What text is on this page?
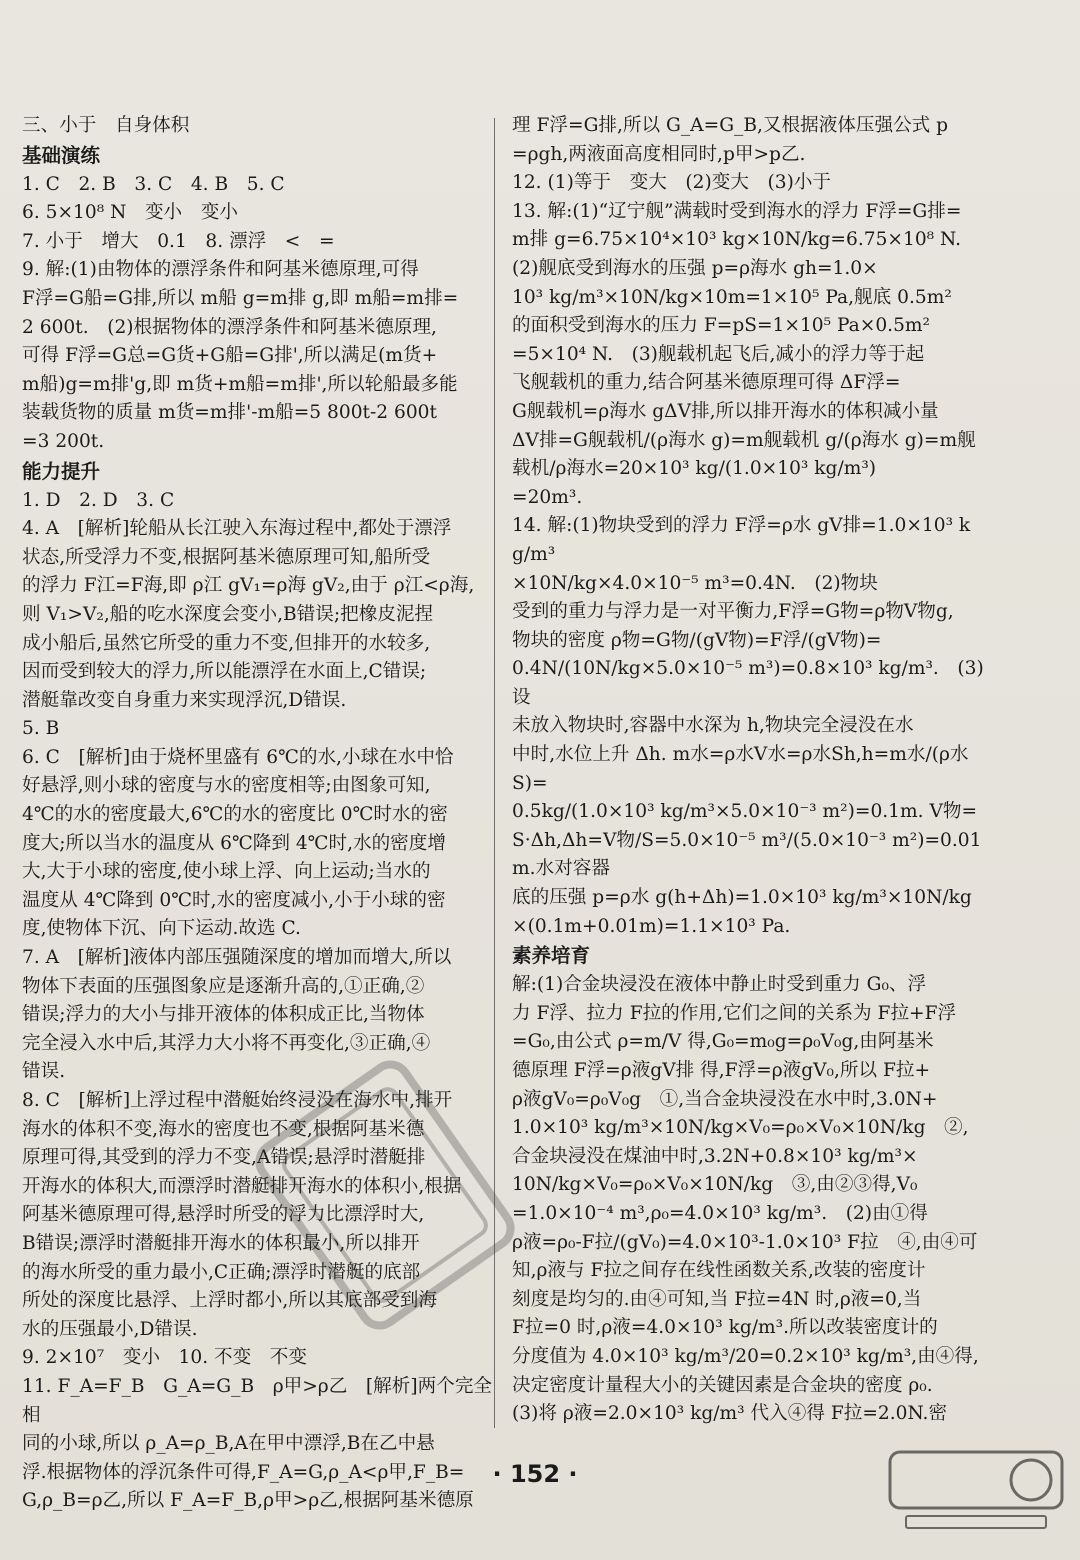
三、小于　自身体积
基础演练
1. C　2. B　3. C　4. B　5. C
6. 5×10⁸ N　变小　变小
7. 小于　增大　0.1　8. 漂浮　<　=
9. 解:(1)由物体的漂浮条件和阿基米德原理,可得
F浮=G船=G排,所以 m船 g=m排 g,即 m船=m排=
2 600t.　(2)根据物体的漂浮条件和阿基米德原理,
可得 F浮=G总=G货+G船=G排',所以满足(m货+
m船)g=m排'g,即 m货+m船=m排',所以轮船最多能
装载货物的质量 m货=m排'-m船=5 800t-2 600t
=3 200t.
能力提升
1. D　2. D　3. C
4. A　[解析]轮船从长江驶入东海过程中,都处于漂浮
状态,所受浮力不变,根据阿基米德原理可知,船所受
的浮力 F江=F海,即 ρ江 gV₁=ρ海 gV₂,由于 ρ江<ρ海,
则 V₁>V₂,船的吃水深度会变小,B错误;把橡皮泥捏
成小船后,虽然它所受的重力不变,但排开的水较多,
因而受到较大的浮力,所以能漂浮在水面上,C错误;
潜艇靠改变自身重力来实现浮沉,D错误.
5. B
6. C　[解析]由于烧杯里盛有 6℃的水,小球在水中恰
好悬浮,则小球的密度与水的密度相等;由图象可知,
4℃的水的密度最大,6℃的水的密度比 0℃时水的密
度大;所以当水的温度从 6℃降到 4℃时,水的密度增
大,大于小球的密度,使小球上浮、向上运动;当水的
温度从 4℃降到 0℃时,水的密度减小,小于小球的密
度,使物体下沉、向下运动.故选 C.
7. A　[解析]液体内部压强随深度的增加而增大,所以
物体下表面的压强图象应是逐渐升高的,①正确,②
错误;浮力的大小与排开液体的体积成正比,当物体
完全浸入水中后,其浮力大小将不再变化,③正确,④
错误.
8. C　[解析]上浮过程中潜艇始终浸没在海水中,排开
海水的体积不变,海水的密度也不变,根据阿基米德
原理可得,其受到的浮力不变,A错误;悬浮时潜艇排
开海水的体积大,而漂浮时潜艇排开海水的体积小,根据
阿基米德原理可得,悬浮时所受的浮力比漂浮时大,
B错误;漂浮时潜艇排开海水的体积最小,所以排开
的海水所受的重力最小,C正确;漂浮时潜艇的底部
所处的深度比悬浮、上浮时都小,所以其底部受到海
水的压强最小,D错误.
9. 2×10⁷　变小　10. 不变　不变
11. F_A=F_B　G_A=G_B　ρ甲>ρ乙　[解析]两个完全相
同的小球,所以 ρ_A=ρ_B,A在甲中漂浮,B在乙中悬
浮.根据物体的浮沉条件可得,F_A=G,ρ_A<ρ甲,F_B=
G,ρ_B=ρ乙,所以 F_A=F_B,ρ甲>ρ乙,根据阿基米德原
理 F浮=G排,所以 G_A=G_B,又根据液体压强公式 p
=ρgh,两液面高度相同时,p甲>p乙.
12. (1)等于　变大　(2)变大　(3)小于
13. 解:(1)“辽宁舰”满载时受到海水的浮力 F浮=G排=
m排 g=6.75×10⁴×10³ kg×10N/kg=6.75×10⁸ N.
(2)舰底受到海水的压强 p=ρ海水 gh=1.0×
10³ kg/m³×10N/kg×10m=1×10⁵ Pa,舰底 0.5m²
的面积受到海水的压力 F=pS=1×10⁵ Pa×0.5m²
=5×10⁴ N.　(3)舰载机起飞后,减小的浮力等于起
飞舰载机的重力,结合阿基米德原理可得 ΔF浮=
G舰载机=ρ海水 gΔV排,所以排开海水的体积减小量
ΔV排=G舰载机/(ρ海水 g)=m舰载机 g/(ρ海水 g)=m舰载机/ρ海水=20×10³ kg/(1.0×10³ kg/m³)
=20m³.
14. 解:(1)物块受到的浮力 F浮=ρ水 gV排=1.0×10³ kg/m³
×10N/kg×4.0×10⁻⁵ m³=0.4N.　(2)物块
受到的重力与浮力是一对平衡力,F浮=G物=ρ物V物g,
物块的密度 ρ物=G物/(gV物)=F浮/(gV物)=
0.4N/(10N/kg×5.0×10⁻⁵ m³)=0.8×10³ kg/m³.　(3)设
未放入物块时,容器中水深为 h,物块完全浸没在水
中时,水位上升 Δh. m水=ρ水V水=ρ水Sh,h=m水/(ρ水S)=
0.5kg/(1.0×10³ kg/m³×5.0×10⁻³ m²)=0.1m. V物=
S·Δh,Δh=V物/S=5.0×10⁻⁵ m³/(5.0×10⁻³ m²)=0.01m.水对容器
底的压强 p=ρ水 g(h+Δh)=1.0×10³ kg/m³×10N/kg
×(0.1m+0.01m)=1.1×10³ Pa.
素养培育
解:(1)合金块浸没在液体中静止时受到重力 G₀、浮
力 F浮、拉力 F拉的作用,它们之间的关系为 F拉+F浮
=G₀,由公式 ρ=m/V 得,G₀=m₀g=ρ₀V₀g,由阿基米
德原理 F浮=ρ液gV排 得,F浮=ρ液gV₀,所以 F拉+
ρ液gV₀=ρ₀V₀g　①,当合金块浸没在水中时,3.0N+
1.0×10³ kg/m³×10N/kg×V₀=ρ₀×V₀×10N/kg　②,
合金块浸没在煤油中时,3.2N+0.8×10³ kg/m³×
10N/kg×V₀=ρ₀×V₀×10N/kg　③,由②③得,V₀
=1.0×10⁻⁴ m³,ρ₀=4.0×10³ kg/m³.　(2)由①得
ρ液=ρ₀-F拉/(gV₀)=4.0×10³-1.0×10³ F拉　④,由④可
知,ρ液与 F拉之间存在线性函数关系,改装的密度计
刻度是均匀的.由④可知,当 F拉=4N 时,ρ液=0,当
F拉=0 时,ρ液=4.0×10³ kg/m³.所以改装密度计的
分度值为 4.0×10³ kg/m³/20=0.2×10³ kg/m³,由④得,
决定密度计量程大小的关键因素是合金块的密度 ρ₀.
(3)将 ρ液=2.0×10³ kg/m³ 代入④得 F拉=2.0N.密
· 152 ·
